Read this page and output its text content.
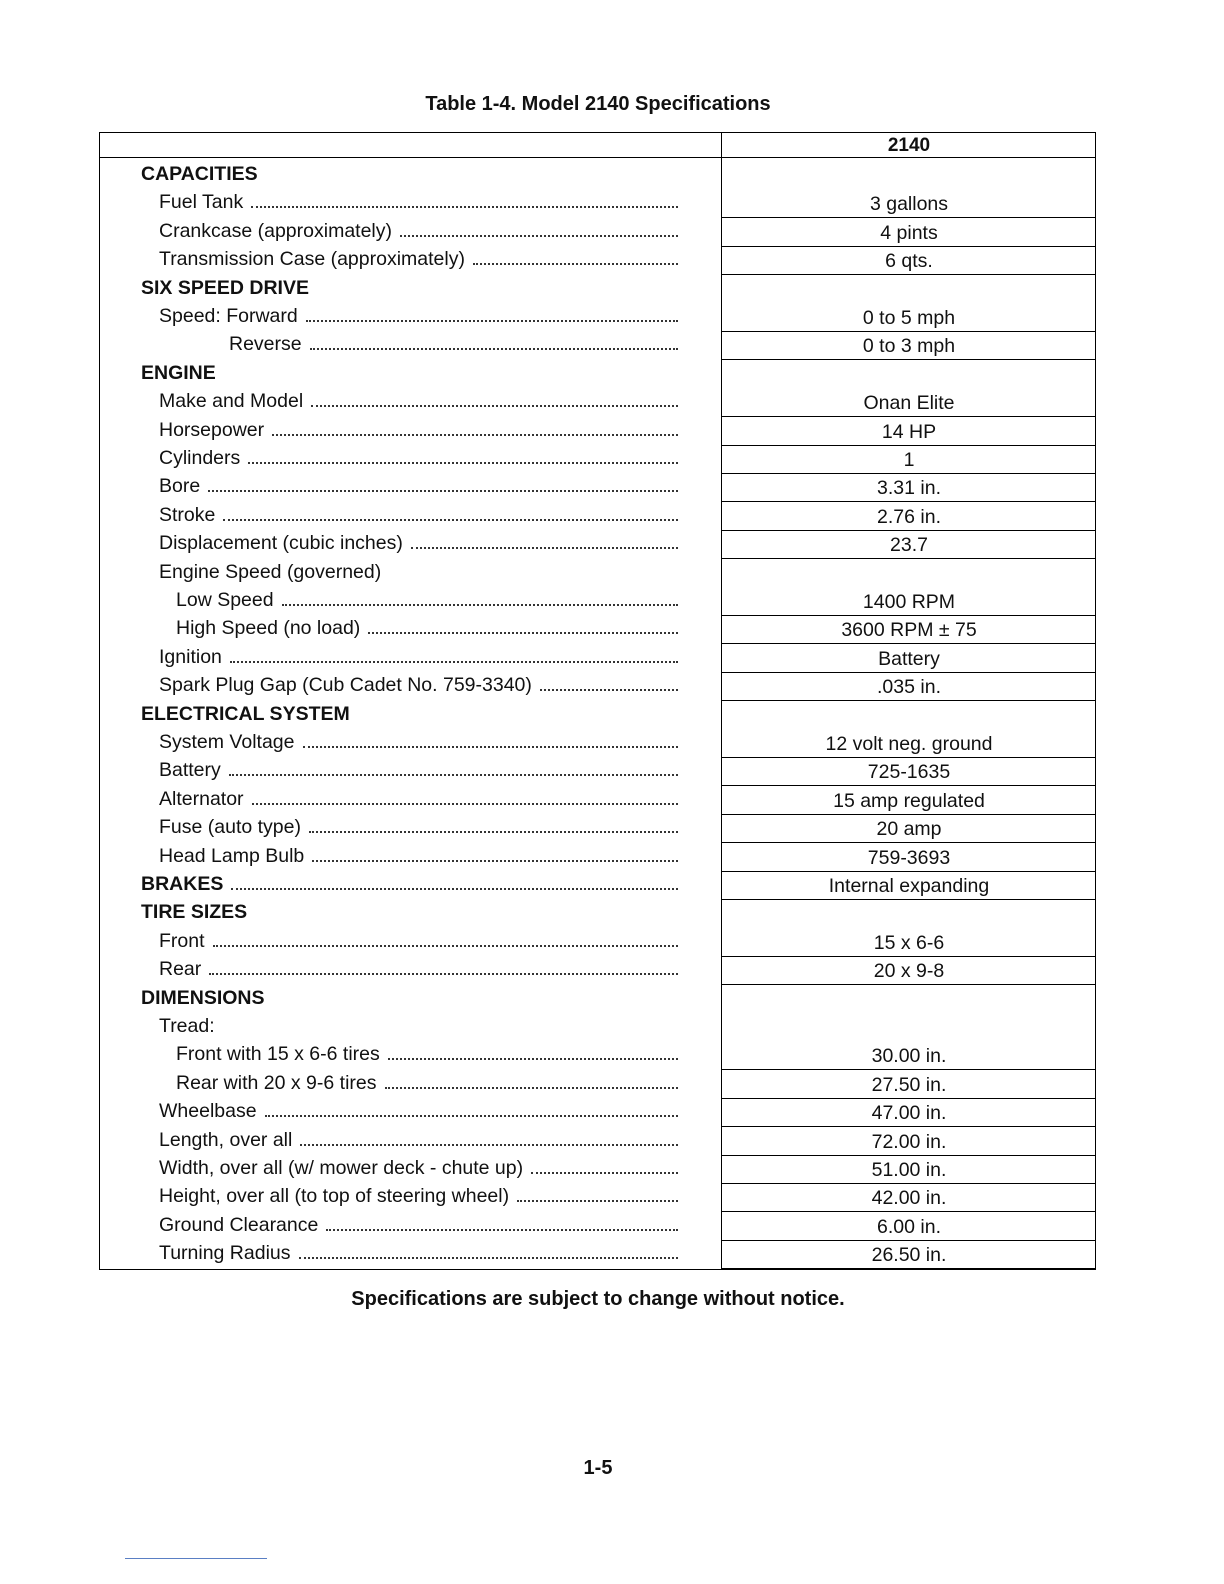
Table 1-4. Model 2140 Specifications
2140
CAPACITIES
Fuel Tank	3 gallons
Crankcase (approximately)	4 pints
Transmission Case (approximately)	6 qts.
SIX SPEED DRIVE
Speed: Forward	0 to 5 mph
Reverse	0 to 3 mph
ENGINE
Make and Model	Onan Elite
Horsepower	14 HP
Cylinders	1
Bore	3.31 in.
Stroke	2.76 in.
Displacement (cubic inches)	23.7
Engine Speed (governed)
Low Speed	1400 RPM
High Speed (no load)	3600 RPM ± 75
Ignition	Battery
Spark Plug Gap (Cub Cadet No. 759-3340)	.035 in.
ELECTRICAL SYSTEM
System Voltage	12 volt neg. ground
Battery	725-1635
Alternator	15 amp regulated
Fuse (auto type)	20 amp
Head Lamp Bulb	759-3693
BRAKES	Internal expanding
TIRE SIZES
Front	15 x 6-6
Rear	20 x 9-8
DIMENSIONS
Tread:
Front with 15 x 6-6 tires	30.00 in.
Rear with 20 x 9-6 tires	27.50 in.
Wheelbase	47.00 in.
Length, over all	72.00 in.
Width, over all (w/ mower deck - chute up)	51.00 in.
Height, over all (to top of steering wheel)	42.00 in.
Ground Clearance	6.00 in.
Turning Radius	26.50 in.
Specifications are subject to change without notice.
1-5
